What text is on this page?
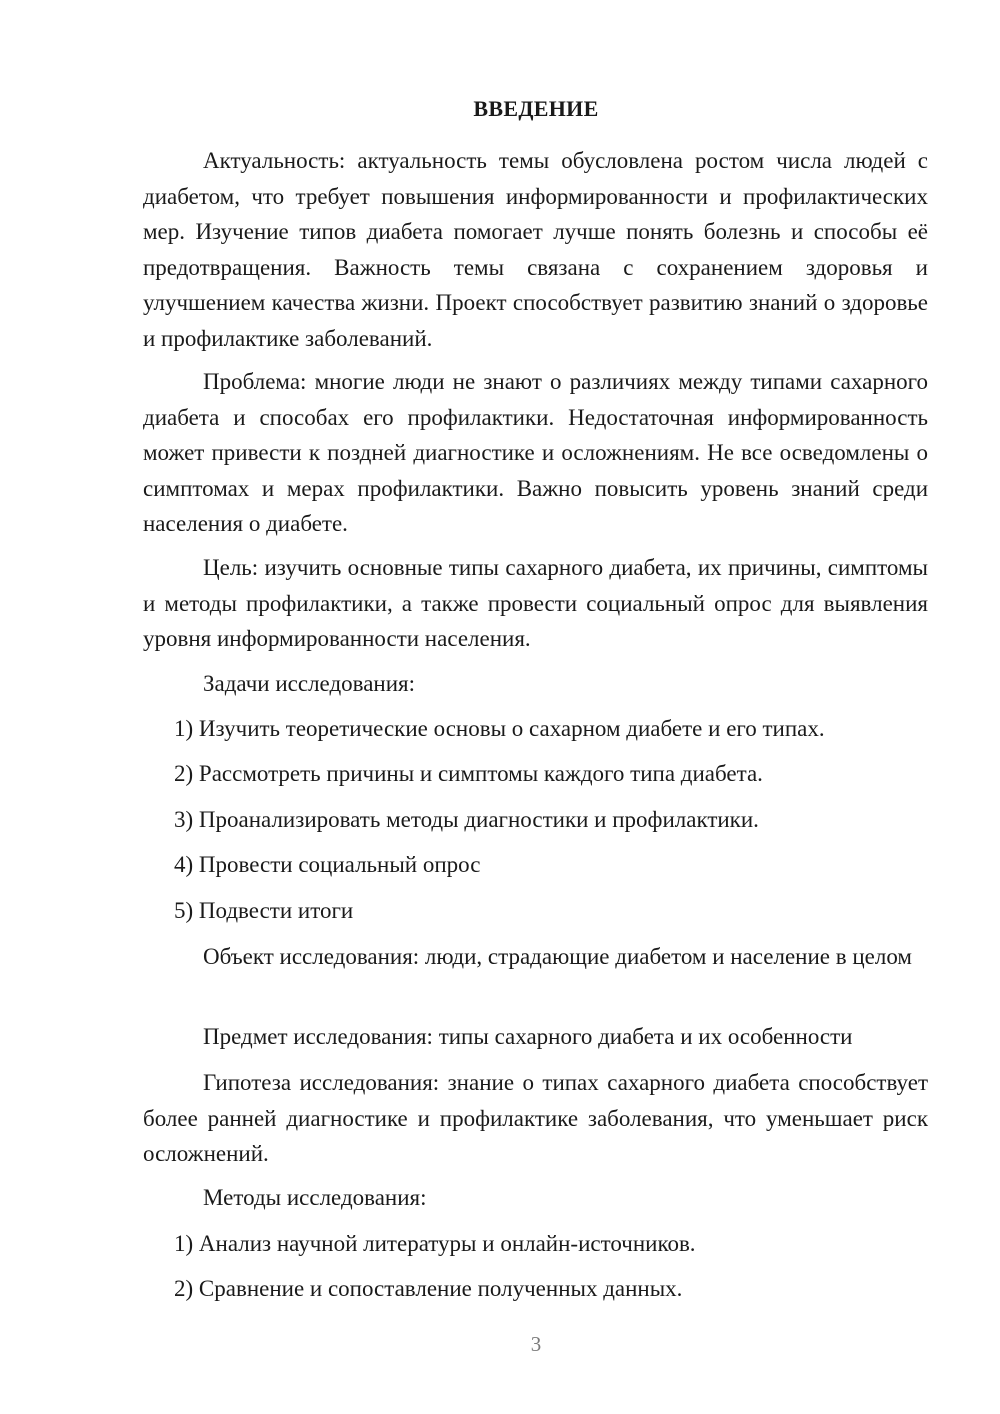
ВВЕДЕНИЕ

Актуальность: актуальность темы обусловлена ростом числа людей с диабетом, что требует повышения информированности и профилактических мер. Изучение типов диабета помогает лучше понять болезнь и способы её предотвращения. Важность темы связана с сохранением здоровья и улучшением качества жизни. Проект способствует развитию знаний о здоровье и профилактике заболеваний.

Проблема: многие люди не знают о различиях между типами сахарного диабета и способах его профилактики. Недостаточная информированность может привести к поздней диагностике и осложнениям. Не все осведомлены о симптомах и мерах профилактики. Важно повысить уровень знаний среди населения о диабете.

Цель: изучить основные типы сахарного диабета, их причины, симптомы и методы профилактики, а также провести социальный опрос для выявления уровня информированности населения.

Задачи исследования:

1) Изучить теоретические основы о сахарном диабете и его типах.

2) Рассмотреть причины и симптомы каждого типа диабета.

3) Проанализировать методы диагностики и профилактики.

4) Провести социальный опрос

5) Подвести итоги

Объект исследования: люди, страдающие диабетом и население в целом

Предмет исследования: типы сахарного диабета и их особенности

Гипотеза исследования: знание о типах сахарного диабета способствует более ранней диагностике и профилактике заболевания, что уменьшает риск осложнений.

Методы исследования:

1) Анализ научной литературы и онлайн-источников.

2) Сравнение и сопоставление полученных данных.

3
